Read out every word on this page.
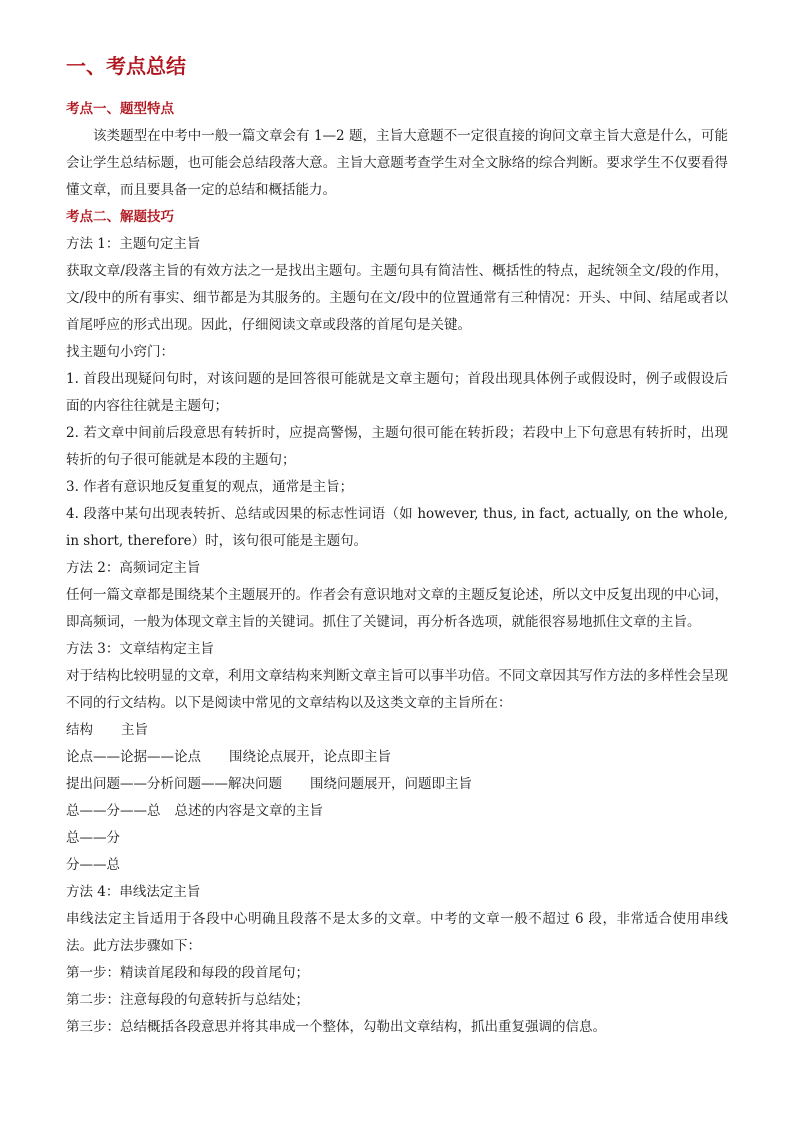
一、考点总结
考点一、题型特点

该类题型在中考中一般一篇文章会有 1—2 题，主旨大意题不一定很直接的询问文章主旨大意是什么，可能会让学生总结标题，也可能会总结段落大意。主旨大意题考查学生对全文脉络的综合判断。要求学生不仅要看得懂文章，而且要具备一定的总结和概括能力。

考点二、解题技巧

方法 1：主题句定主旨

获取文章/段落主旨的有效方法之一是找出主题句。主题句具有简洁性、概括性的特点，起统领全文/段的作用，文/段中的所有事实、细节都是为其服务的。主题句在文/段中的位置通常有三种情况：开头、中间、结尾或者以首尾呼应的形式出现。因此，仔细阅读文章或段落的首尾句是关键。

找主题句小窍门：

1. 首段出现疑问句时，对该问题的是回答很可能就是文章主题句；首段出现具体例子或假设时，例子或假设后面的内容往往就是主题句；

2. 若文章中间前后段意思有转折时，应提高警惕，主题句很可能在转折段；若段中上下句意思有转折时，出现转折的句子很可能就是本段的主题句；

3. 作者有意识地反复重复的观点，通常是主旨；

4. 段落中某句出现表转折、总结或因果的标志性词语（如 however, thus, in fact, actually, on the whole, in short, therefore）时，该句很可能是主题句。

方法 2：高频词定主旨

任何一篇文章都是围绕某个主题展开的。作者会有意识地对文章的主题反复论述，所以文中反复出现的中心词，即高频词，一般为体现文章主旨的关键词。抓住了关键词，再分析各选项，就能很容易地抓住文章的主旨。

方法 3：文章结构定主旨

对于结构比较明显的文章，利用文章结构来判断文章主旨可以事半功倍。不同文章因其写作方法的多样性会呈现不同的行文结构。以下是阅读中常见的文章结构以及这类文章的主旨所在：

结构 主旨
论点——论据——论点 围绕论点展开，论点即主旨
提出问题——分析问题——解决问题 围绕问题展开，问题即主旨
总——分——总 总述的内容是文章的主旨
总——分
分——总

方法 4：串线法定主旨

串线法定主旨适用于各段中心明确且段落不是太多的文章。中考的文章一般不超过 6 段，非常适合使用串线法。此方法步骤如下：

第一步：精读首尾段和每段的段首尾句；

第二步：注意每段的句意转折与总结处；

第三步：总结概括各段意思并将其串成一个整体，勾勒出文章结构，抓出重复强调的信息。
